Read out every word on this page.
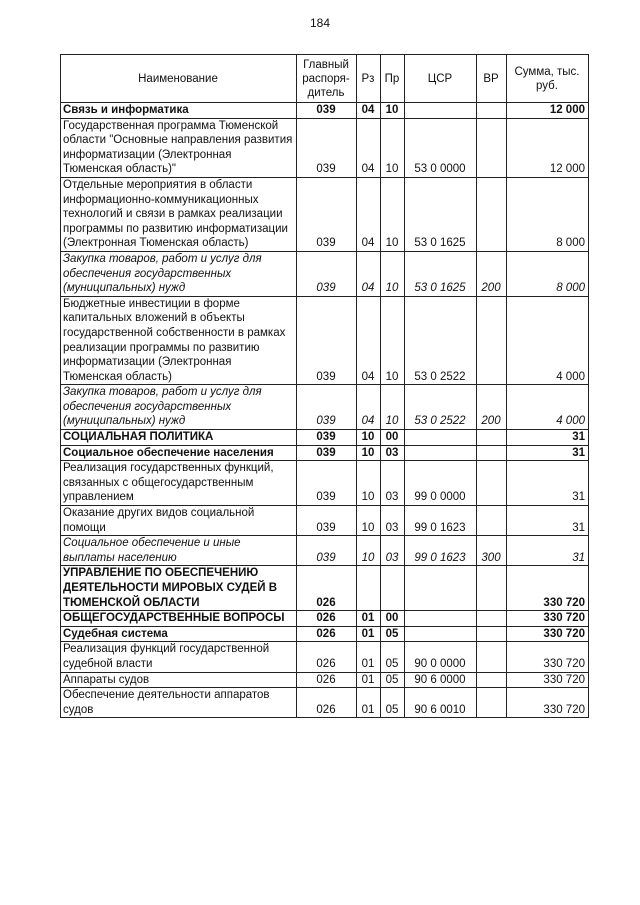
184
Наименование	Главный распоря-дитель	Рз	Пр	ЦСР	ВР	Сумма, тыс. руб.
Связь и информатика	039	04	10			12 000
Государственная программа Тюменской области "Основные направления развития информатизации (Электронная Тюменская область)"	039	04	10	53 0 0000		12 000
Отдельные мероприятия в области информационно-коммуникационных технологий и связи в рамках реализации программы по развитию информатизации (Электронная Тюменская область)	039	04	10	53 0 1625		8 000
Закупка товаров, работ и услуг для обеспечения государственных (муниципальных) нужд	039	04	10	53 0 1625	200	8 000
Бюджетные инвестиции в форме капитальных вложений в объекты государственной собственности в рамках реализации программы по развитию информатизации (Электронная Тюменская область)	039	04	10	53 0 2522		4 000
Закупка товаров, работ и услуг для обеспечения государственных (муниципальных) нужд	039	04	10	53 0 2522	200	4 000
СОЦИАЛЬНАЯ ПОЛИТИКА	039	10	00			31
Социальное обеспечение населения	039	10	03			31
Реализация государственных функций, связанных с общегосударственным управлением	039	10	03	99 0 0000		31
Оказание других видов социальной помощи	039	10	03	99 0 1623		31
Социальное обеспечение и иные выплаты населению	039	10	03	99 0 1623	300	31
УПРАВЛЕНИЕ ПО ОБЕСПЕЧЕНИЮ ДЕЯТЕЛЬНОСТИ МИРОВЫХ СУДЕЙ В ТЮМЕНСКОЙ ОБЛАСТИ	026					330 720
ОБЩЕГОСУДАРСТВЕННЫЕ ВОПРОСЫ	026	01	00			330 720
Судебная система	026	01	05			330 720
Реализация функций государственной судебной власти	026	01	05	90 0 0000		330 720
Аппараты судов	026	01	05	90 6 0000		330 720
Обеспечение деятельности аппаратов судов	026	01	05	90 6 0010		330 720
